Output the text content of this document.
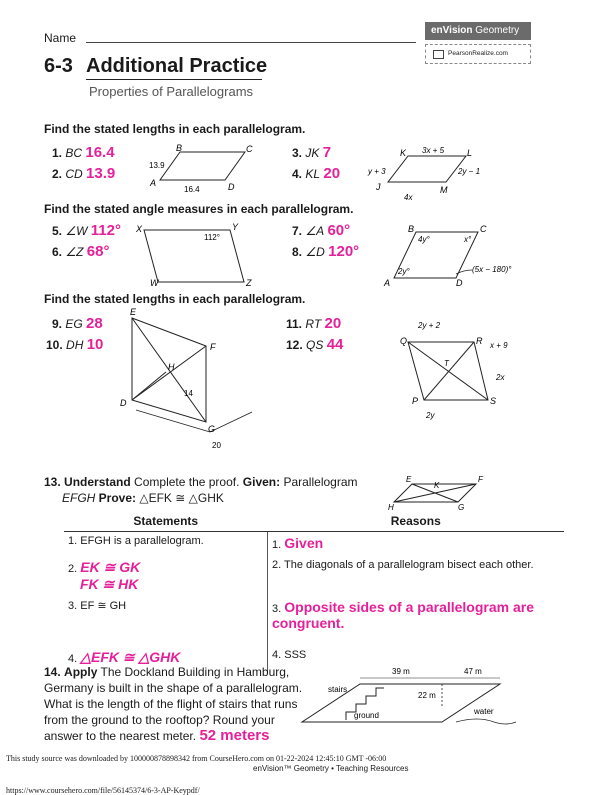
Name
enVision Geometry
PearsonRealize.com
6-3 Additional Practice
Properties of Parallelograms
Find the stated lengths in each parallelogram.
1. BC 16.4
2. CD 13.9
3. JK 7
4. KL 20
B	C
A	D
13.9
16.4
K	L
J	M
3x + 5
y + 3	2y − 1
4x
Find the stated angle measures in each parallelogram.
5. ∠W 112°
6. ∠Z 68°
7. ∠A 60°
8. ∠D 120°
X	Y
W	Z
112°
B	C
A	D
4y°	x°
2y°	(5x − 180)°
Find the stated lengths in each parallelogram.
9. EG 28
10. DH 10
11. RT 20
12. QS 44
E
F
H
D
G
14
20
2y + 2
Q	R x + 9
T
2x
P	S
2y
13. Understand Complete the proof. Given: Parallelogram
EFGH Prove: △EFK ≅ △GHK
E
K
F
H	G
Statements	Reasons
1. EFGH is a parallelogram.	1. Given
2. EK ≅ GK
FK ≅ HK	2. The diagonals of a parallelogram bisect each other.
3. EF ≅ GH	3. Opposite sides of a parallelogram are congruent.
4. △EFK ≅ △GHK	4. SSS
14. Apply The Dockland Building in Hamburg, Germany is built in the shape of a parallelogram. What is the length of the flight of stairs that runs from the ground to the rooftop? Round your answer to the nearest meter. 52 meters
39 m	47 m
22 m
stairs
ground	water
This study source was downloaded by 100000878898342 from CourseHero.com on 01-22-2024 12:45:10 GMT -06:00
enVision™ Geometry • Teaching Resources
https://www.coursehero.com/file/56145374/6-3-AP-Keypdf/
